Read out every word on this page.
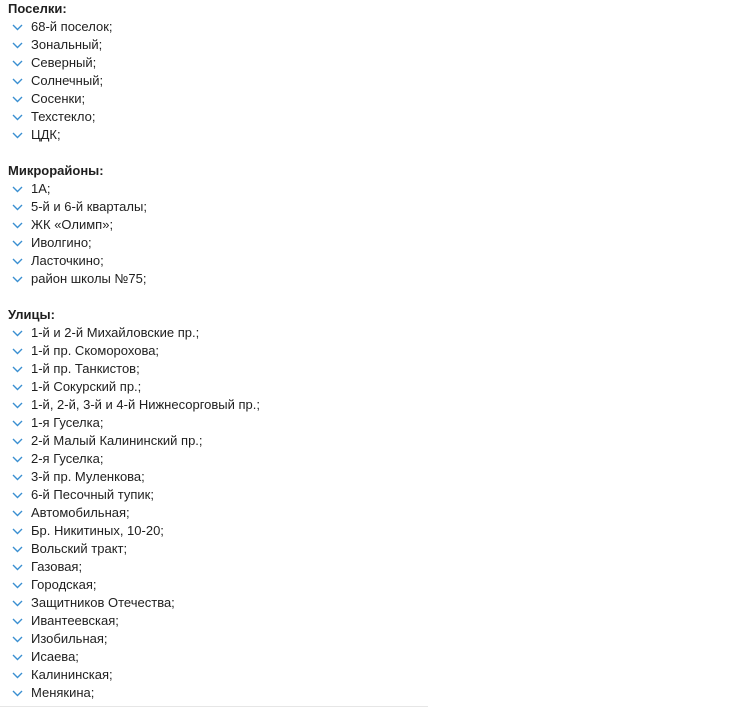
Поселки:
68-й поселок;
Зональный;
Северный;
Солнечный;
Сосенки;
Техстекло;
ЦДК;
Микрорайоны:
1А;
5-й и 6-й кварталы;
ЖК «Олимп»;
Иволгино;
Ласточкино;
район школы №75;
Улицы:
1-й и 2-й Михайловские пр.;
1-й пр. Скоморохова;
1-й пр. Танкистов;
1-й Сокурский пр.;
1-й, 2-й, 3-й и 4-й Нижнесорговый пр.;
1-я Гуселка;
2-й Малый Калининский пр.;
2-я Гуселка;
3-й пр. Муленкова;
6-й Песочный тупик;
Автомобильная;
Бр. Никитиных, 10-20;
Вольский тракт;
Газовая;
Городская;
Защитников Отечества;
Ивантеевская;
Изобильная;
Исаева;
Калининская;
Менякина;
